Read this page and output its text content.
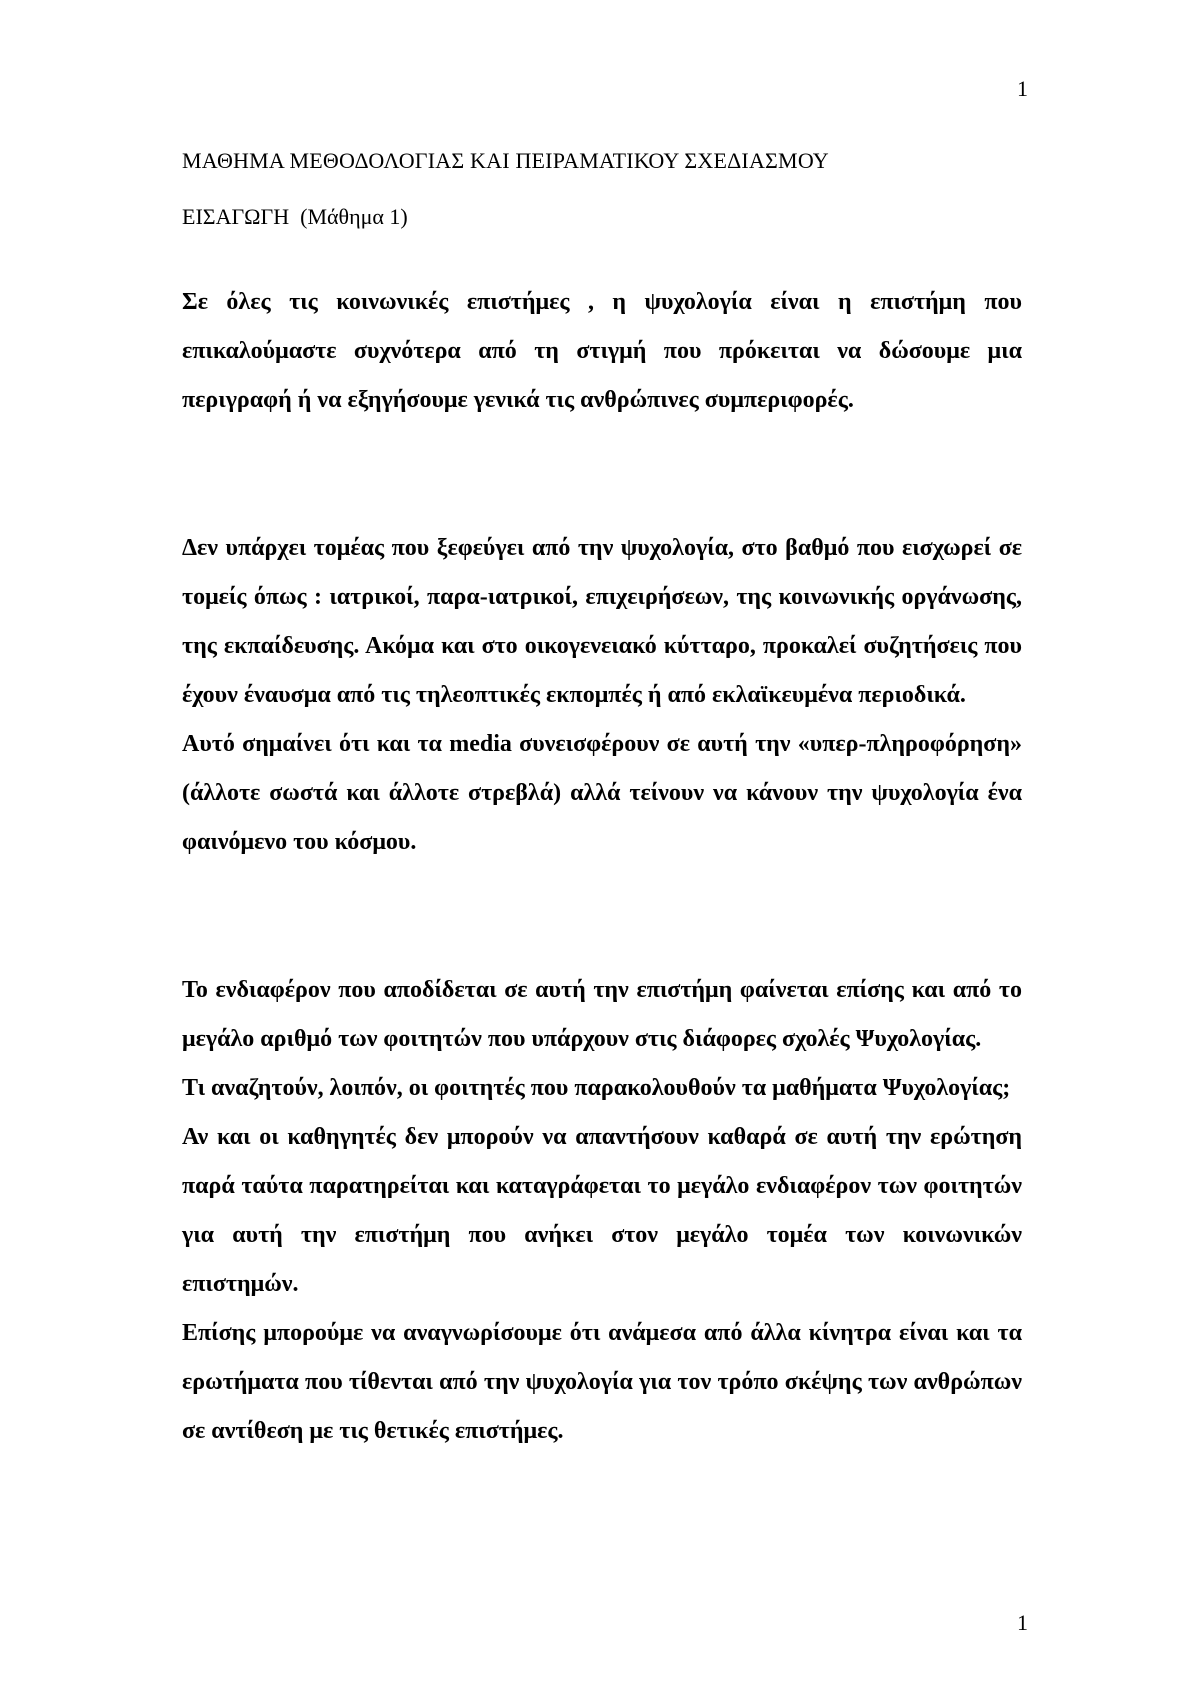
1
ΜΑΘΗΜΑ ΜΕΘΟΔΟΛΟΓΙΑΣ ΚΑΙ ΠΕΙΡΑΜΑΤΙΚΟΥ ΣΧΕΔΙΑΣΜΟΥ
ΕΙΣΑΓΩΓΗ  (Μάθημα 1)

Σε όλες τις κοινωνικές επιστήμες , η ψυχολογία είναι η επιστήμη που επικαλούμαστε συχνότερα από τη στιγμή που πρόκειται να δώσουμε μια περιγραφή ή να εξηγήσουμε γενικά τις ανθρώπινες συμπεριφορές.

Δεν υπάρχει τομέας που ξεφεύγει από την ψυχολογία, στο βαθμό που εισχωρεί σε τομείς όπως : ιατρικοί, παρα-ιατρικοί, επιχειρήσεων, της κοινωνικής οργάνωσης, της εκπαίδευσης. Ακόμα και στο οικογενειακό κύτταρο, προκαλεί συζητήσεις που έχουν έναυσμα από τις τηλεοπτικές εκπομπές ή από εκλαϊκευμένα περιοδικά.

Αυτό σημαίνει ότι και τα media συνεισφέρουν σε αυτή την «υπερ-πληροφόρηση» (άλλοτε σωστά και άλλοτε στρεβλά) αλλά τείνουν να κάνουν την ψυχολογία ένα φαινόμενο του κόσμου.

Το ενδιαφέρον που αποδίδεται σε αυτή την επιστήμη φαίνεται επίσης και από το μεγάλο αριθμό των φοιτητών που υπάρχουν στις διάφορες σχολές Ψυχολογίας.

Τι αναζητούν, λοιπόν, οι φοιτητές που παρακολουθούν τα μαθήματα Ψυχολογίας;

Αν και οι καθηγητές δεν μπορούν να απαντήσουν καθαρά σε αυτή την ερώτηση παρά ταύτα παρατηρείται και καταγράφεται το μεγάλο ενδιαφέρον των φοιτητών για αυτή την επιστήμη που ανήκει στον μεγάλο τομέα των κοινωνικών επιστημών.

Επίσης μπορούμε να αναγνωρίσουμε ότι ανάμεσα από άλλα κίνητρα είναι και τα ερωτήματα που τίθενται από την ψυχολογία για τον τρόπο σκέψης των ανθρώπων σε αντίθεση με τις θετικές επιστήμες.

1
